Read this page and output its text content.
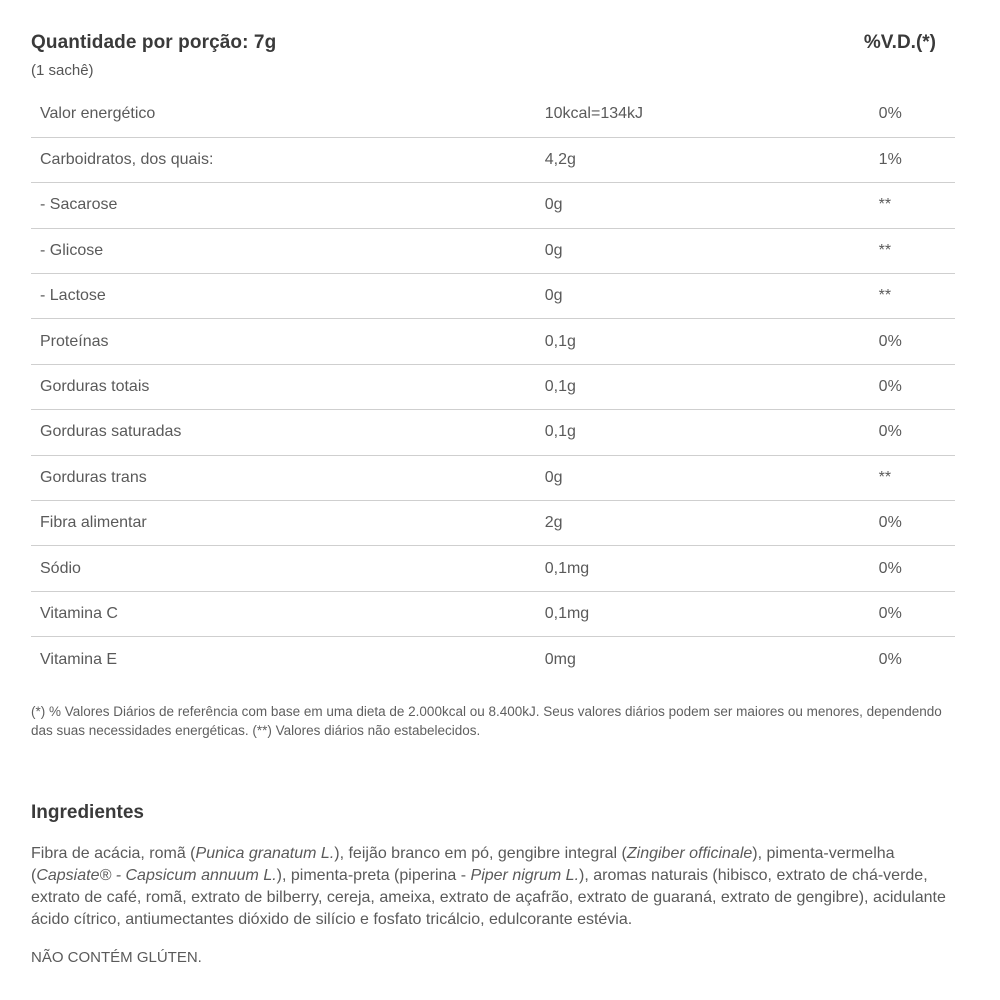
Quantidade por porção: 7g
(1 sachê)
%V.D.(*)
Valor energético	10kcal=134kJ	0%
Carboidratos, dos quais:	4,2g	1%
- Sacarose	0g	**
- Glicose	0g	**
- Lactose	0g	**
Proteínas	0,1g	0%
Gorduras totais	0,1g	0%
Gorduras saturadas	0,1g	0%
Gorduras trans	0g	**
Fibra alimentar	2g	0%
Sódio	0,1mg	0%
Vitamina C	0,1mg	0%
Vitamina E	0mg	0%
(*) % Valores Diários de referência com base em uma dieta de 2.000kcal ou 8.400kJ. Seus valores diários podem ser maiores ou menores, dependendo das suas necessidades energéticas. (**) Valores diários não estabelecidos.
Ingredientes
Fibra de acácia, romã (Punica granatum L.), feijão branco em pó, gengibre integral (Zingiber officinale), pimenta-vermelha (Capsiate® - Capsicum annuum L.), pimenta-preta (piperina - Piper nigrum L.), aromas naturais (hibisco, extrato de chá-verde, extrato de café, romã, extrato de bilberry, cereja, ameixa, extrato de açafrão, extrato de guaraná, extrato de gengibre), acidulante ácido cítrico, antiumectantes dióxido de silício e fosfato tricálcio, edulcorante estévia.
NÃO CONTÉM GLÚTEN.
